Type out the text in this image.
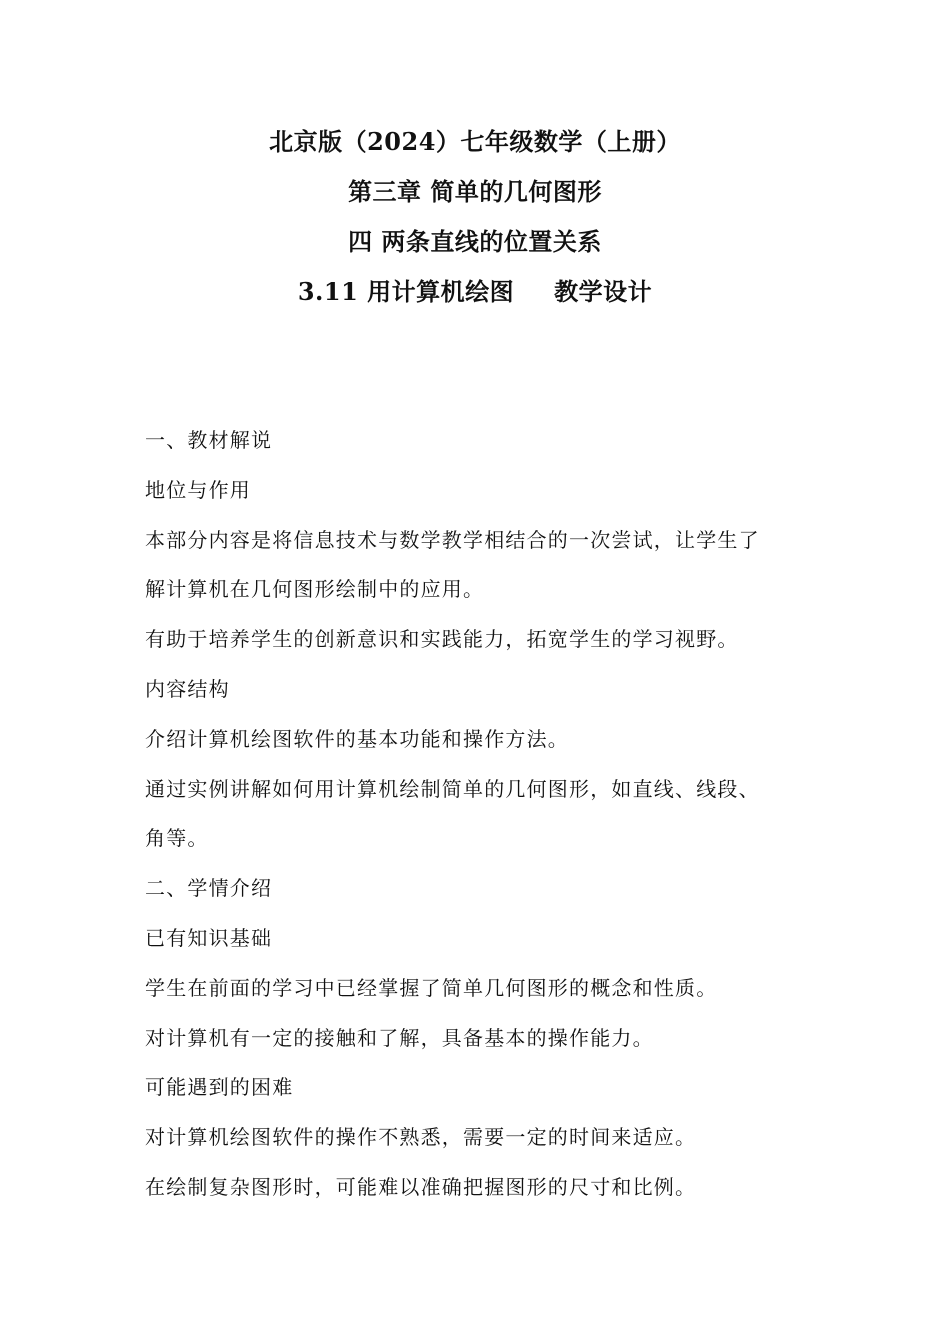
北京版（2024）七年级数学（上册）
第三章 简单的几何图形
四 两条直线的位置关系
3.11 用计算机绘图 教学设计
一、教材解说
地位与作用
本部分内容是将信息技术与数学教学相结合的一次尝试，让学生了
解计算机在几何图形绘制中的应用。
有助于培养学生的创新意识和实践能力，拓宽学生的学习视野。
内容结构
介绍计算机绘图软件的基本功能和操作方法。
通过实例讲解如何用计算机绘制简单的几何图形，如直线、线段、
角等。
二、学情介绍
已有知识基础
学生在前面的学习中已经掌握了简单几何图形的概念和性质。
对计算机有一定的接触和了解，具备基本的操作能力。
可能遇到的困难
对计算机绘图软件的操作不熟悉，需要一定的时间来适应。
在绘制复杂图形时，可能难以准确把握图形的尺寸和比例。
